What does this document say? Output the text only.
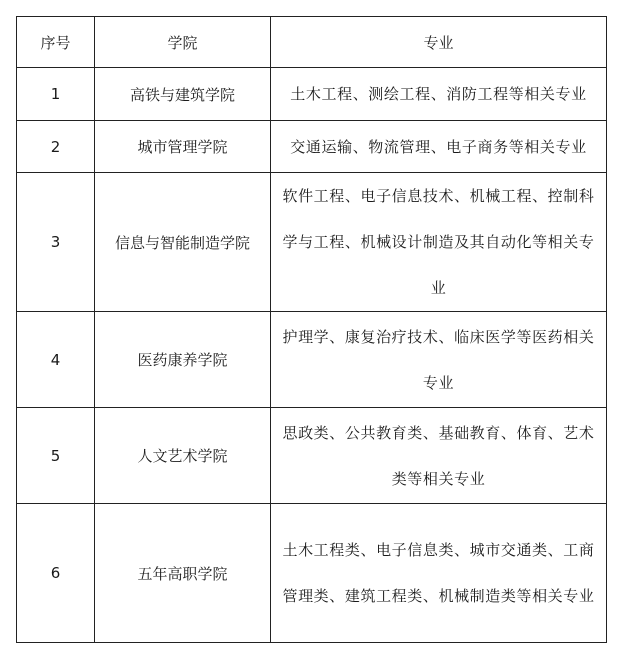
序号	学院	专业
1	高铁与建筑学院	土木工程、测绘工程、消防工程等相关专业
2	城市管理学院	交通运输、物流管理、电子商务等相关专业
3	信息与智能制造学院	软件工程、电子信息技术、机械工程、控制科学与工程、机械设计制造及其自动化等相关专业
4	医药康养学院	护理学、康复治疗技术、临床医学等医药相关专业
5	人文艺术学院	思政类、公共教育类、基础教育、体育、艺术类等相关专业
6	五年高职学院	土木工程类、电子信息类、城市交通类、工商管理类、建筑工程类、机械制造类等相关专业
